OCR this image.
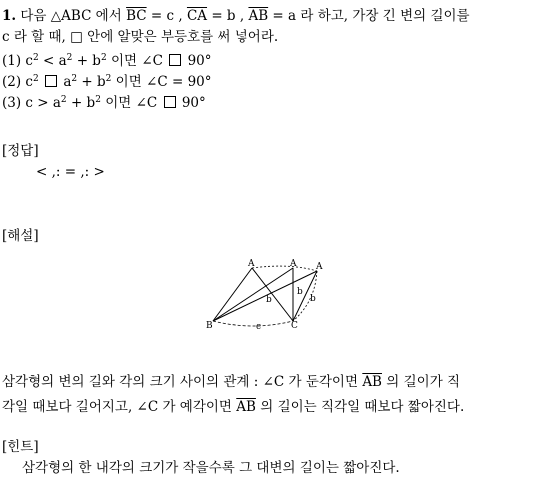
1. 다음 △ABC 에서 $\overline{BC} = c$ , $\overline{CA} = b$ , $\overline{AB} = a$ 라 하고, 가장 긴 변의 길이를
c 라 할 때, □ 안에 알맞은 부등호를 써 넣어라.
(1) $c^2 < a^2 + b^2$ 이면 ∠C 90°
(2) $c^2$ $a^2 + b^2$ 이면 ∠C = 90°
(3) $c > a^2 + b^2$ 이면 ∠C 90°
[정답]
< ,: = ,: >
[해설]
A	A A
B	C
b
b
b
c
삼각형의 변의 길와 각의 크기 사이의 관계 : ∠C 가 둔각이면 $\overline{AB}$ 의 길이가 직
각일 때보다 길어지고, ∠C 가 예각이면 $\overline{AB}$ 의 길이는 직각일 때보다 짧아진다.
[힌트]
삼각형의 한 내각의 크기가 작을수록 그 대변의 길이는 짧아진다.
